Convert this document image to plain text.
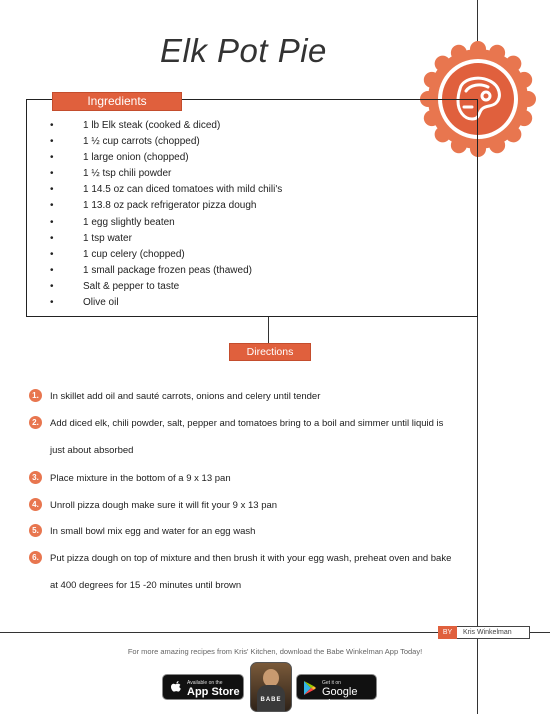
Elk Pot Pie
Ingredients
•	1 lb Elk steak (cooked & diced)

•	1 ½ cup carrots (chopped)

•	1 large onion (chopped)

•	1 ½ tsp chili powder

•	1 14.5 oz can diced tomatoes with mild chili's

•	1 13.8 oz pack refrigerator pizza dough

•	1 egg slightly beaten

•	1 tsp water

•	1 cup celery (chopped)

•	1 small package frozen peas (thawed)

•	Salt & pepper to taste

•	Olive oil

Directions
1.	In skillet add oil and sauté carrots, onions and celery until tender
2.	Add diced elk, chili powder, salt, pepper and tomatoes bring to a boil and simmer until liquid is
just about absorbed
3.	Place mixture in the bottom of a 9 x 13 pan
4.	Unroll pizza dough make sure it will fit your 9 x 13 pan
5.	In small bowl mix egg and water for an egg wash
6.	Put pizza dough on top of mixture and then brush it with your egg wash, preheat oven and bake
at 400 degrees for 15 -20 minutes until brown
BY	Kris Winkelman
For more amazing recipes from Kris' Kitchen, download the Babe Winkelman App Today!
Available on the
App Store
BABE
Get it on
Google play
